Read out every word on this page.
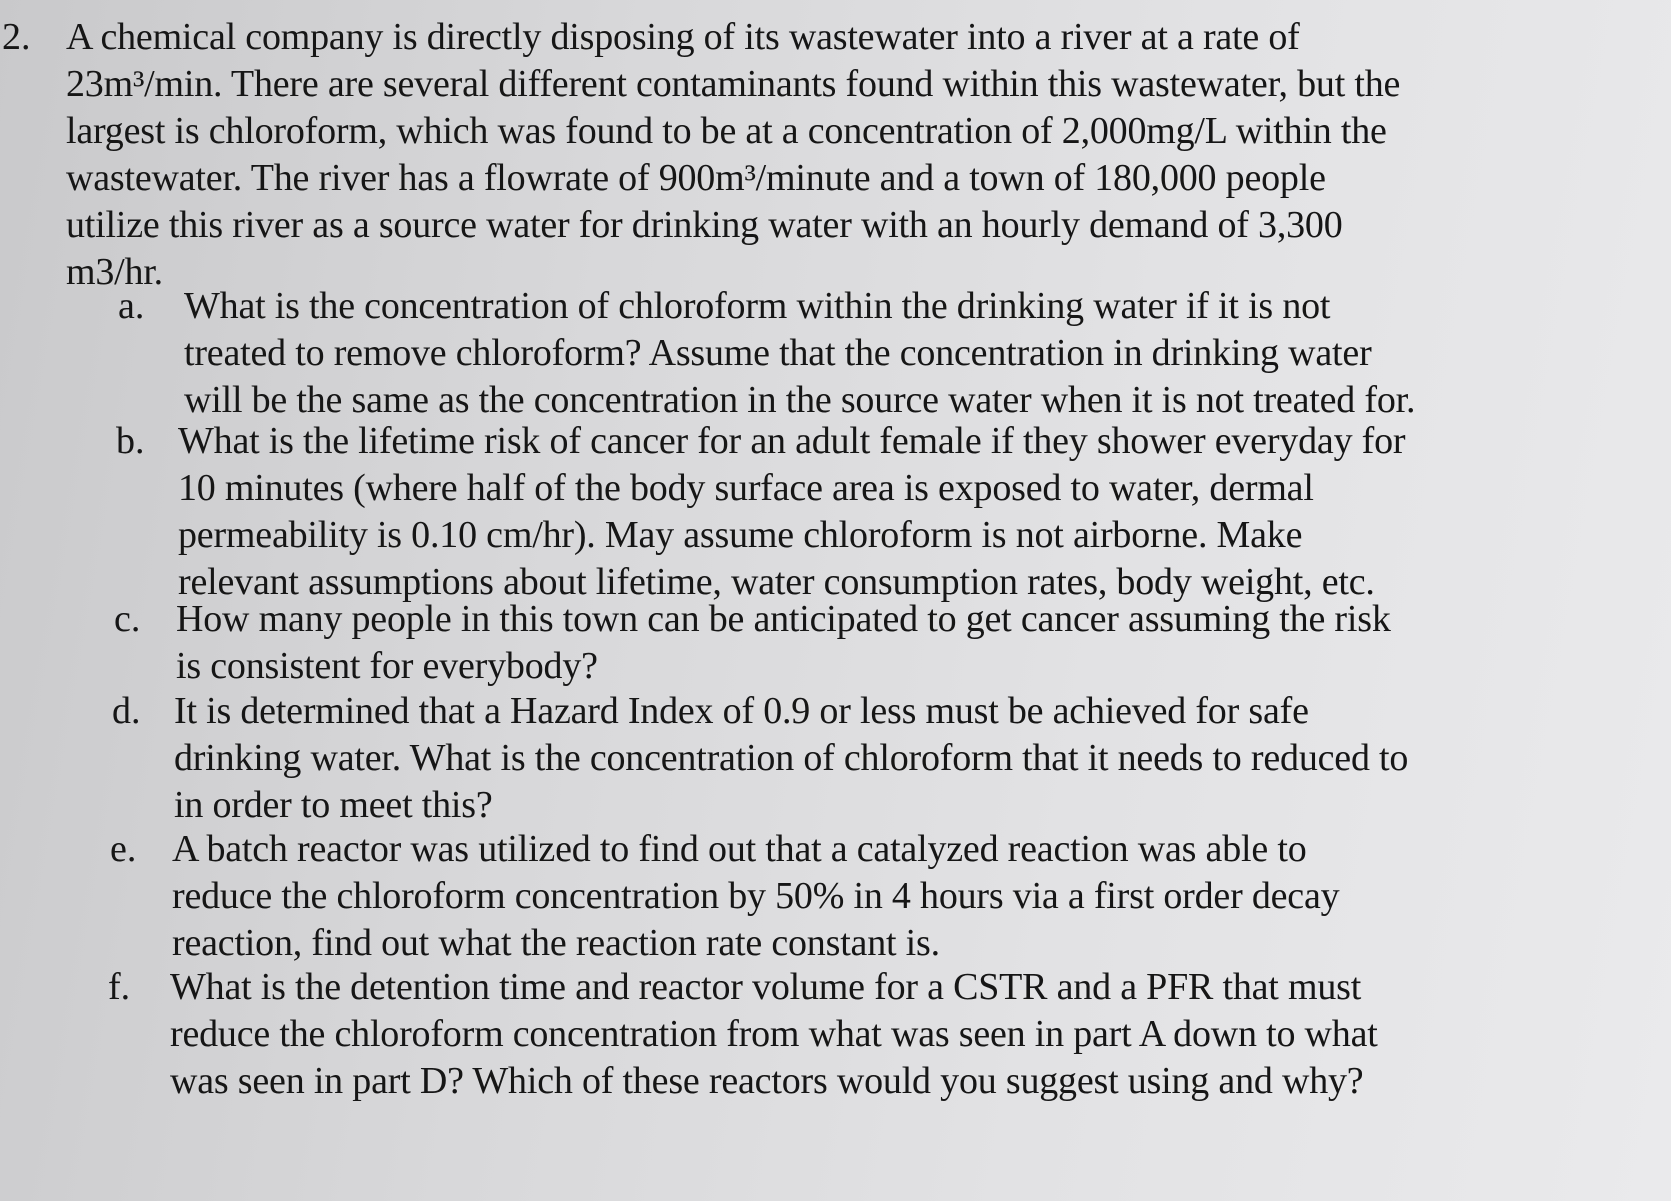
2. A chemical company is directly disposing of its wastewater into a river at a rate of
23m³/min. There are several different contaminants found within this wastewater, but the
largest is chloroform, which was found to be at a concentration of 2,000mg/L within the
wastewater. The river has a flowrate of 900m³/minute and a town of 180,000 people
utilize this river as a source water for drinking water with an hourly demand of 3,300
m3/hr.
a. What is the concentration of chloroform within the drinking water if it is not
treated to remove chloroform? Assume that the concentration in drinking water
will be the same as the concentration in the source water when it is not treated for.
b. What is the lifetime risk of cancer for an adult female if they shower everyday for
10 minutes (where half of the body surface area is exposed to water, dermal
permeability is 0.10 cm/hr). May assume chloroform is not airborne. Make
relevant assumptions about lifetime, water consumption rates, body weight, etc.
c. How many people in this town can be anticipated to get cancer assuming the risk
is consistent for everybody?
d. It is determined that a Hazard Index of 0.9 or less must be achieved for safe
drinking water. What is the concentration of chloroform that it needs to reduced to
in order to meet this?
e. A batch reactor was utilized to find out that a catalyzed reaction was able to
reduce the chloroform concentration by 50% in 4 hours via a first order decay
reaction, find out what the reaction rate constant is.
f. What is the detention time and reactor volume for a CSTR and a PFR that must
reduce the chloroform concentration from what was seen in part A down to what
was seen in part D? Which of these reactors would you suggest using and why?
